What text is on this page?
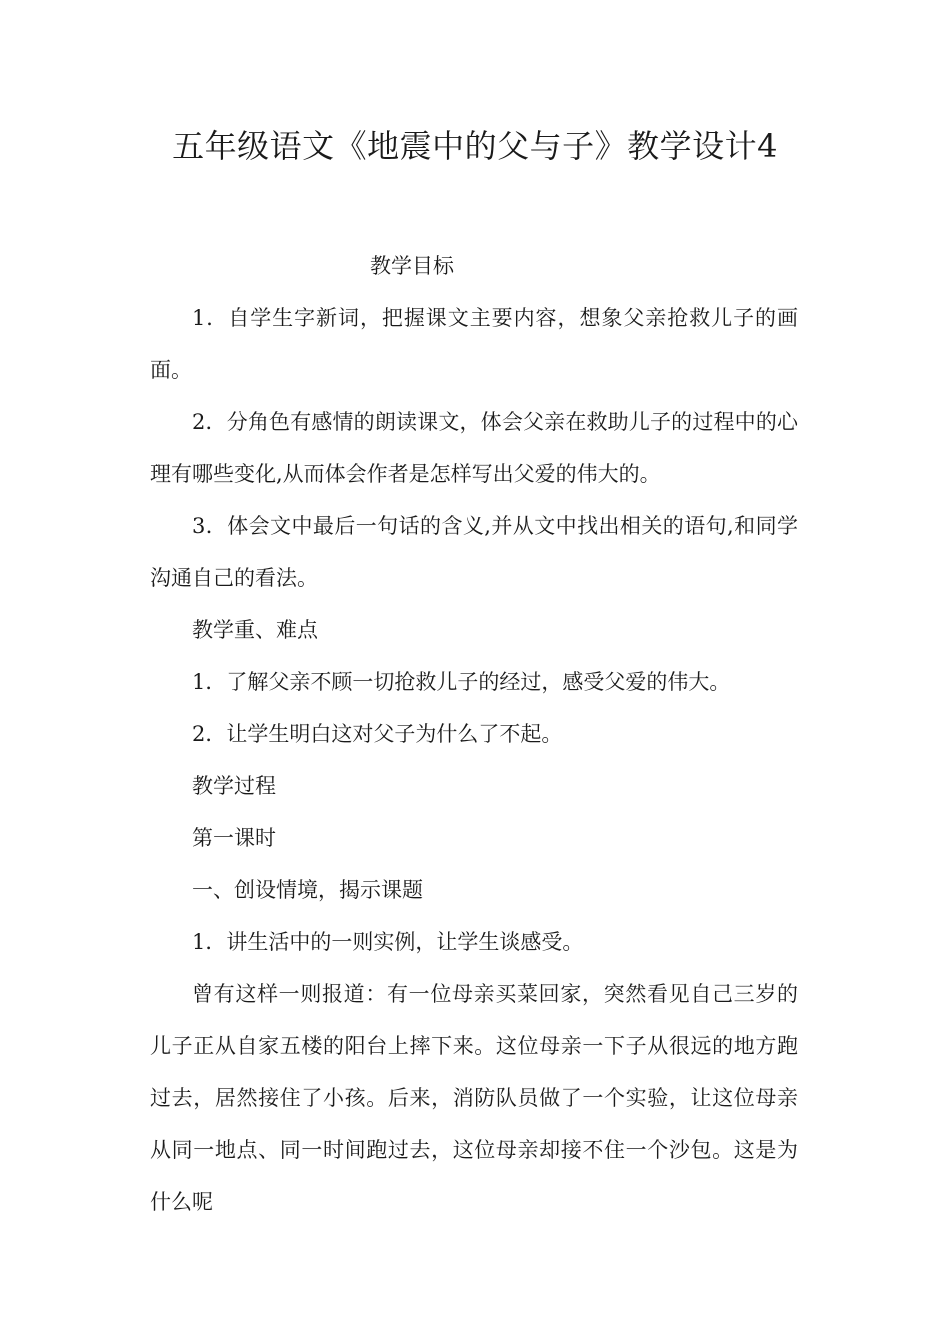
五年级语文《地震中的父与子》教学设计4

教学目标

1．自学生字新词，把握课文主要内容，想象父亲抢救儿子的画面。

2．分角色有感情的朗读课文，体会父亲在救助儿子的过程中的心理有哪些变化,从而体会作者是怎样写出父爱的伟大的。

3．体会文中最后一句话的含义,并从文中找出相关的语句,和同学沟通自己的看法。

教学重、难点

1．了解父亲不顾一切抢救儿子的经过，感受父爱的伟大。

2．让学生明白这对父子为什么了不起。

教学过程

第一课时

一、创设情境，揭示课题

1．讲生活中的一则实例，让学生谈感受。

曾有这样一则报道：有一位母亲买菜回家，突然看见自己三岁的儿子正从自家五楼的阳台上摔下来。这位母亲一下子从很远的地方跑过去，居然接住了小孩。后来，消防队员做了一个实验，让这位母亲从同一地点、同一时间跑过去，这位母亲却接不住一个沙包。这是为什么呢
